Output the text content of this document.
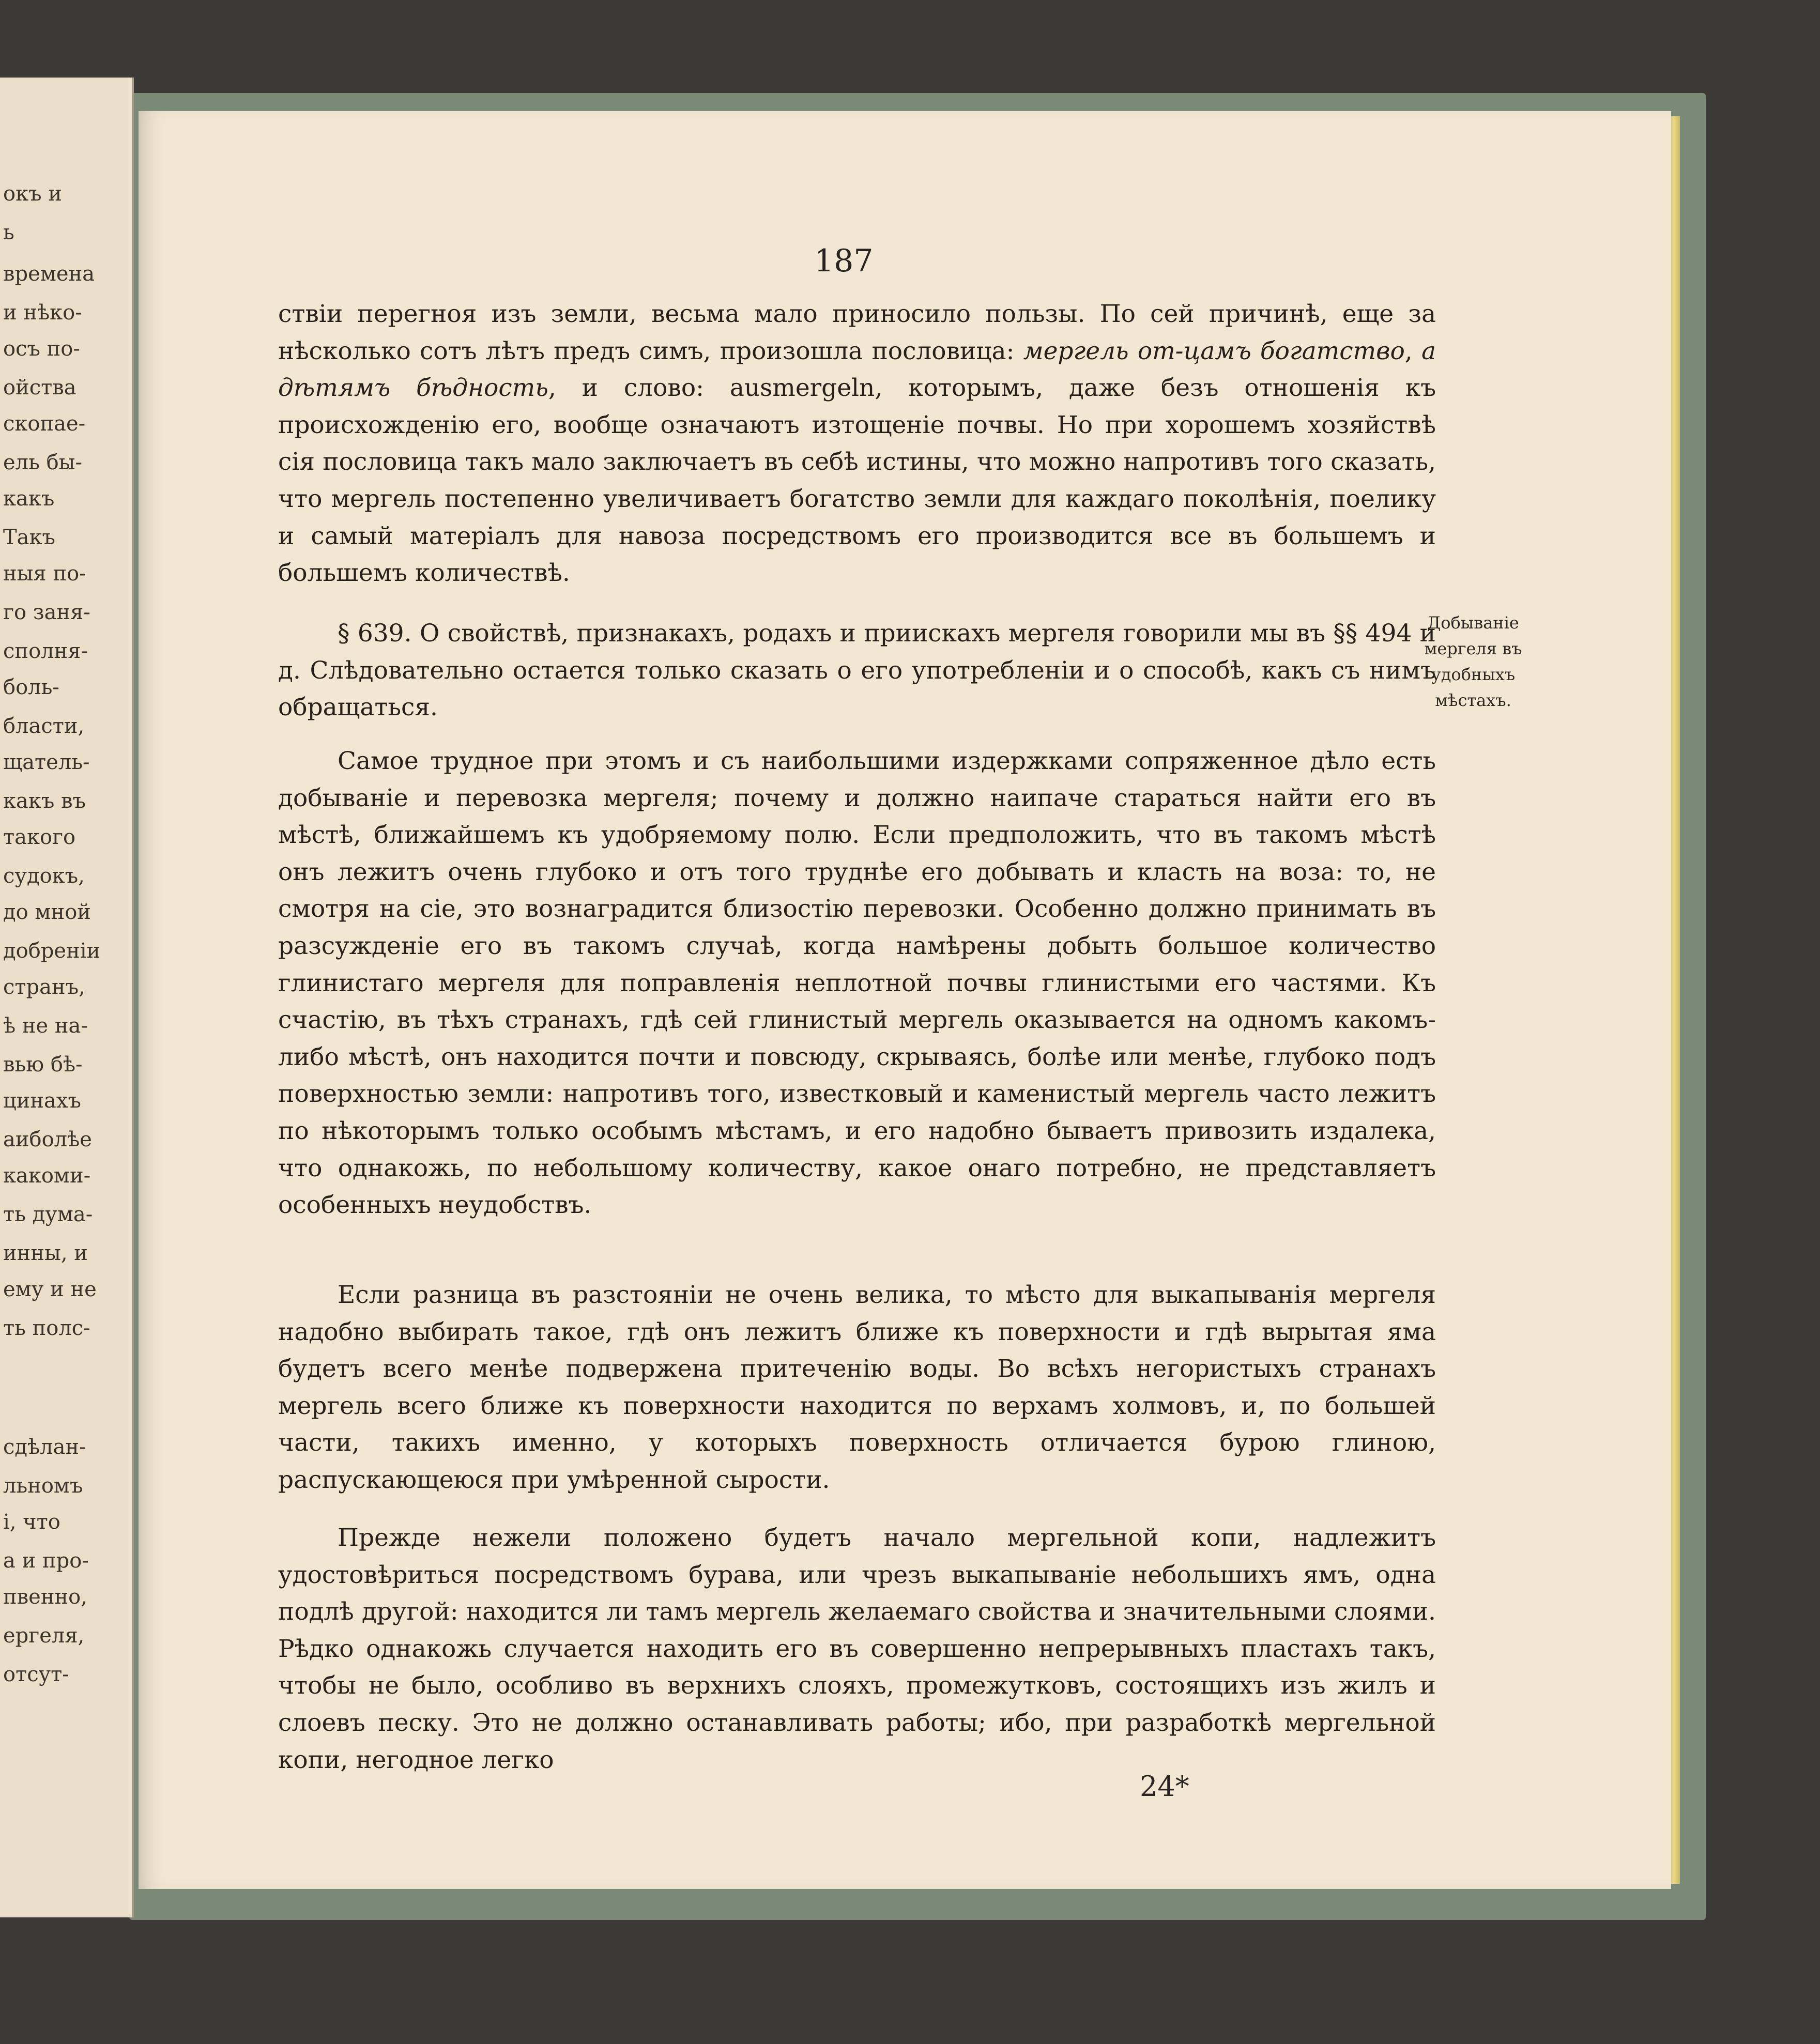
окъ и
ь
времена
и нѣко-
осъ по-
ойства
скопае-
ель бы-
какъ
Такъ
ныя по-
го заня-
сполня-
боль-
бласти,
щатель-
какъ въ
такого
судокъ,
до мной
добреніи
странъ,
ѣ не на-
вью бѣ-
цинахъ
аиболѣе
какоми-
ть дума-
инны, и
ему и не
ть полс-
сдѣлан-
льномъ
і, что
а и про-
пвенно,
ергеля,
отсут-
187

ствіи перегноя изъ земли, весьма мало приносило пользы. По сей причинѣ, еще за нѣсколько сотъ лѣтъ предъ симъ, произошла пословица: мергель от-цамъ богатство, а дѣтямъ бѣдность, и слово: ausmergeln, которымъ, даже безъ отношенія къ происхожденію его, вообще означаютъ изтощеніе почвы. Но при хорошемъ хозяйствѣ сія пословица такъ мало заключаетъ въ себѣ истины, что можно напротивъ того сказать, что мергель постепенно увеличиваетъ богатство земли для каждаго поколѣнія, поелику и самый матеріалъ для навоза посредствомъ его производится все въ большемъ и большемъ количествѣ.

§ 639. О свойствѣ, признакахъ, родахъ и приискахъ мергеля говорили мы въ §§ 494 и д. Слѣдовательно остается только сказать о его употребленіи и о способѣ, какъ съ нимъ обращаться.

Добываніе
мергеля въ
удобныхъ
мѣстахъ.

Самое трудное при этомъ и съ наибольшими издержками сопряженное дѣло есть добываніе и перевозка мергеля; почему и должно наипаче стараться найти его въ мѣстѣ, ближайшемъ къ удобряемому полю. Если предположить, что въ такомъ мѣстѣ онъ лежитъ очень глубоко и отъ того труднѣе его добывать и класть на воза: то, не смотря на сіе, это вознаградится близостію перевозки. Особенно должно принимать въ разсужденіе его въ такомъ случаѣ, когда намѣрены добыть большое количество глинистаго мергеля для поправленія неплотной почвы глинистыми его частями. Къ счастію, въ тѣхъ странахъ, гдѣ сей глинистый мергель оказывается на одномъ какомъ-либо мѣстѣ, онъ находится почти и повсюду, скрываясь, болѣе или менѣе, глубоко подъ поверхностью земли: напротивъ того, известковый и каменистый мергель часто лежитъ по нѣкоторымъ только особымъ мѣстамъ, и его надобно бываетъ привозить издалека, что однакожь, по небольшому количеству, какое онаго потребно, не представляетъ особенныхъ неудобствъ.

Если разница въ разстояніи не очень велика, то мѣсто для выкапыванія мергеля надобно выбирать такое, гдѣ онъ лежитъ ближе къ поверхности и гдѣ вырытая яма будетъ всего менѣе подвержена притеченію воды. Во всѣхъ негористыхъ странахъ мергель всего ближе къ поверхности находится по верхамъ холмовъ, и, по большей части, такихъ именно, у которыхъ поверхность отличается бурою глиною, распускающеюся при умѣренной сырости.

Прежде нежели положено будетъ начало мергельной копи, надлежитъ удостовѣриться посредствомъ бурава, или чрезъ выкапываніе небольшихъ ямъ, одна подлѣ другой: находится ли тамъ мергель желаемаго свойства и значительными слоями. Рѣдко однакожь случается находить его въ совершенно непрерывныхъ пластахъ такъ, чтобы не было, особливо въ верхнихъ слояхъ, промежутковъ, состоящихъ изъ жилъ и слоевъ песку. Это не должно останавливать работы; ибо, при разработкѣ мергельной копи, негодное легко

24*
